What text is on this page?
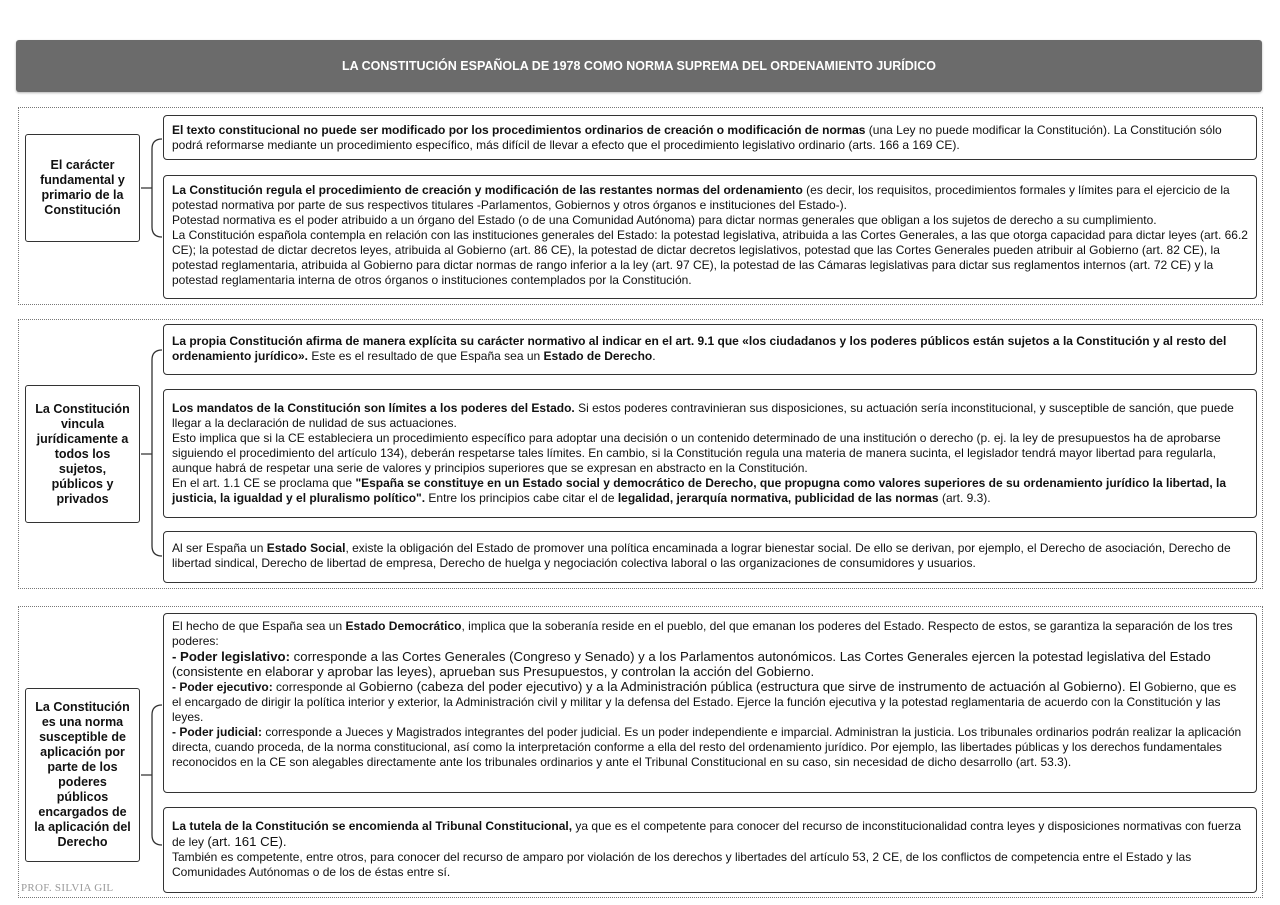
LA CONSTITUCIÓN ESPAÑOLA DE 1978 COMO NORMA SUPREMA DEL ORDENAMIENTO JURÍDICO
El carácter fundamental y primario de la Constitución

El texto constitucional no puede ser modificado por los procedimientos ordinarios de creación o modificación de normas (una Ley no puede modificar la Constitución). La Constitución sólo podrá reformarse mediante un procedimiento específico, más difícil de llevar a efecto que el procedimiento legislativo ordinario (arts. 166 a 169 CE).

La Constitución regula el procedimiento de creación y modificación de las restantes normas del ordenamiento (es decir, los requisitos, procedimientos formales y límites para el ejercicio de la potestad normativa por parte de sus respectivos titulares -Parlamentos, Gobiernos y otros órganos e instituciones del Estado-).

Potestad normativa es el poder atribuido a un órgano del Estado (o de una Comunidad Autónoma) para dictar normas generales que obligan a los sujetos de derecho a su cumplimiento.

La Constitución española contempla en relación con las instituciones generales del Estado: la potestad legislativa, atribuida a las Cortes Generales, a las que otorga capacidad para dictar leyes (art. 66.2 CE); la potestad de dictar decretos leyes, atribuida al Gobierno (art. 86 CE), la potestad de dictar decretos legislativos, potestad que las Cortes Generales pueden atribuir al Gobierno (art. 82 CE), la potestad reglamentaria, atribuida al Gobierno para dictar normas de rango inferior a la ley (art. 97 CE), la potestad de las Cámaras legislativas para dictar sus reglamentos internos (art. 72 CE) y la potestad reglamentaria interna de otros órganos o instituciones contemplados por la Constitución.

La Constitución vincula jurídicamente a todos los sujetos, públicos y privados

La propia Constitución afirma de manera explícita su carácter normativo al indicar en el art. 9.1 que «los ciudadanos y los poderes públicos están sujetos a la Constitución y al resto del ordenamiento jurídico». Este es el resultado de que España sea un Estado de Derecho.

Los mandatos de la Constitución son límites a los poderes del Estado. Si estos poderes contravinieran sus disposiciones, su actuación sería inconstitucional, y susceptible de sanción, que puede llegar a la declaración de nulidad de sus actuaciones.

Esto implica que si la CE estableciera un procedimiento específico para adoptar una decisión o un contenido determinado de una institución o derecho (p. ej. la ley de presupuestos ha de aprobarse siguiendo el procedimiento del artículo 134), deberán respetarse tales límites. En cambio, si la Constitución regula una materia de manera sucinta, el legislador tendrá mayor libertad para regularla, aunque habrá de respetar una serie de valores y principios superiores que se expresan en abstracto en la Constitución.

En el art. 1.1 CE se proclama que "España se constituye en un Estado social y democrático de Derecho, que propugna como valores superiores de su ordenamiento jurídico la libertad, la justicia, la igualdad y el pluralismo político". Entre los principios cabe citar el de legalidad, jerarquía normativa, publicidad de las normas (art. 9.3).

Al ser España un Estado Social, existe la obligación del Estado de promover una política encaminada a lograr bienestar social. De ello se derivan, por ejemplo, el Derecho de asociación, Derecho de libertad sindical, Derecho de libertad de empresa, Derecho de huelga y negociación colectiva laboral o las organizaciones de consumidores y usuarios.

La Constitución es una norma susceptible de aplicación por parte de los poderes públicos encargados de la aplicación del Derecho

El hecho de que España sea un Estado Democrático, implica que la soberanía reside en el pueblo, del que emanan los poderes del Estado. Respecto de estos, se garantiza la separación de los tres poderes:

- Poder legislativo: corresponde a las Cortes Generales (Congreso y Senado) y a los Parlamentos autonómicos. Las Cortes Generales ejercen la potestad legislativa del Estado (consistente en elaborar y aprobar las leyes), aprueban sus Presupuestos, y controlan la acción del Gobierno.

- Poder ejecutivo: corresponde al Gobierno (cabeza del poder ejecutivo) y a la Administración pública (estructura que sirve de instrumento de actuación al Gobierno). El Gobierno, que es el encargado de dirigir la política interior y exterior, la Administración civil y militar y la defensa del Estado. Ejerce la función ejecutiva y la potestad reglamentaria de acuerdo con la Constitución y las leyes.

- Poder judicial: corresponde a Jueces y Magistrados integrantes del poder judicial. Es un poder independiente e imparcial. Administran la justicia. Los tribunales ordinarios podrán realizar la aplicación directa, cuando proceda, de la norma constitucional, así como la interpretación conforme a ella del resto del ordenamiento jurídico. Por ejemplo, las libertades públicas y los derechos fundamentales reconocidos en la CE son alegables directamente ante los tribunales ordinarios y ante el Tribunal Constitucional en su caso, sin necesidad de dicho desarrollo (art. 53.3).

La tutela de la Constitución se encomienda al Tribunal Constitucional, ya que es el competente para conocer del recurso de inconstitucionalidad contra leyes y disposiciones normativas con fuerza de ley (art. 161 CE).

También es competente, entre otros, para conocer del recurso de amparo por violación de los derechos y libertades del artículo 53, 2 CE, de los conflictos de competencia entre el Estado y las Comunidades Autónomas o de los de éstas entre sí.

PROF. SILVIA GIL
